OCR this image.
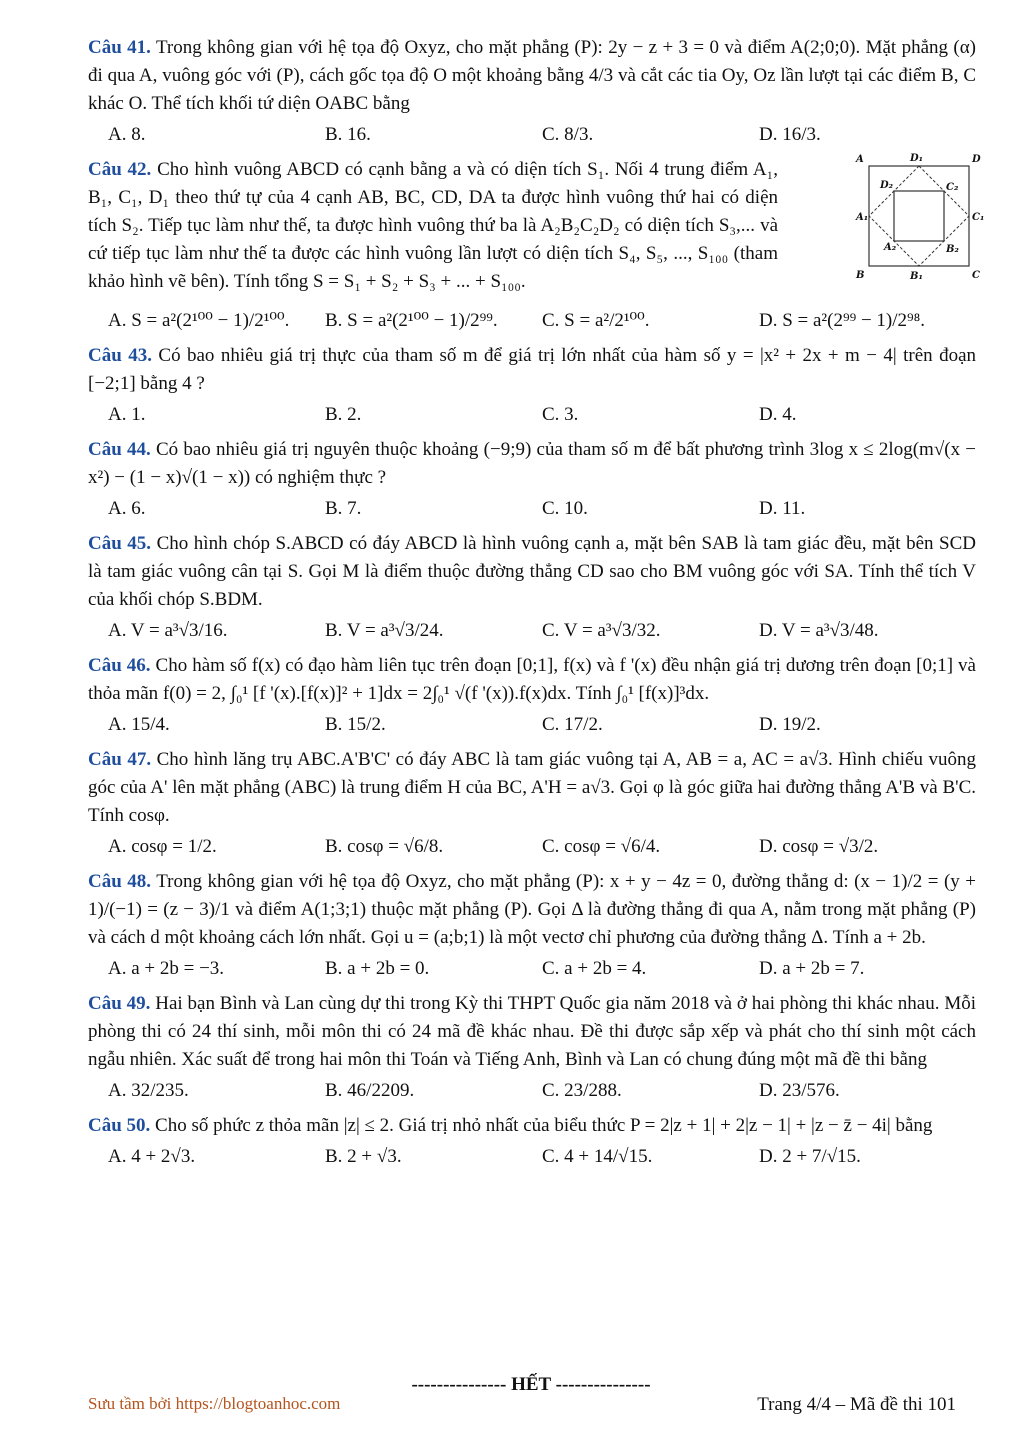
Câu 41. Trong không gian với hệ tọa độ Oxyz, cho mặt phẳng (P): 2y − z + 3 = 0 và điểm A(2;0;0). Mặt phẳng (α) đi qua A, vuông góc với (P), cách gốc tọa độ O một khoảng bằng 4/3 và cắt các tia Oy, Oz lần lượt tại các điểm B, C khác O. Thể tích khối tứ diện OABC bằng

A. 8.	B. 16.	C. 8/3.	D. 16/3.

Câu 42. Cho hình vuông ABCD có cạnh bằng a và có diện tích S₁. Nối 4 trung điểm A₁, B₁, C₁, D₁ theo thứ tự của 4 cạnh AB, BC, CD, DA ta được hình vuông thứ hai có diện tích S₂. Tiếp tục làm như thế, ta được hình vuông thứ ba là A₂B₂C₂D₂ có diện tích S₃,... và cứ tiếp tục làm như thế ta được các hình vuông lần lượt có diện tích S₄, S₅, ..., S₁₀₀ (tham khảo hình vẽ bên). Tính tổng S = S₁ + S₂ + S₃ + ... + S₁₀₀.

A	D₁	D
D₂	C₂
A₁	C₁
A₂	B₂
B	B₁	C
A. S = a²(2¹⁰⁰ − 1)/2¹⁰⁰.	B. S = a²(2¹⁰⁰ − 1)/2⁹⁹.	C. S = a²/2¹⁰⁰.	D. S = a²(2⁹⁹ − 1)/2⁹⁸.

Câu 43. Có bao nhiêu giá trị thực của tham số m để giá trị lớn nhất của hàm số y = |x² + 2x + m − 4| trên đoạn [−2;1] bằng 4 ?

A. 1.	B. 2.	C. 3.	D. 4.

Câu 44. Có bao nhiêu giá trị nguyên thuộc khoảng (−9;9) của tham số m để bất phương trình 3log x ≤ 2log(m√(x − x²) − (1 − x)√(1 − x)) có nghiệm thực ?

A. 6.	B. 7.	C. 10.	D. 11.

Câu 45. Cho hình chóp S.ABCD có đáy ABCD là hình vuông cạnh a, mặt bên SAB là tam giác đều, mặt bên SCD là tam giác vuông cân tại S. Gọi M là điểm thuộc đường thẳng CD sao cho BM vuông góc với SA. Tính thể tích V của khối chóp S.BDM.

A. V = a³√3/16.	B. V = a³√3/24.	C. V = a³√3/32.	D. V = a³√3/48.

Câu 46. Cho hàm số f(x) có đạo hàm liên tục trên đoạn [0;1], f(x) và f '(x) đều nhận giá trị dương trên đoạn [0;1] và thỏa mãn f(0) = 2, ∫₀¹ [f '(x).[f(x)]² + 1]dx = 2∫₀¹ √(f '(x)).f(x)dx. Tính ∫₀¹ [f(x)]³dx.

A. 15/4.	B. 15/2.	C. 17/2.	D. 19/2.

Câu 47. Cho hình lăng trụ ABC.A'B'C' có đáy ABC là tam giác vuông tại A, AB = a, AC = a√3. Hình chiếu vuông góc của A' lên mặt phẳng (ABC) là trung điểm H của BC, A'H = a√3. Gọi φ là góc giữa hai đường thẳng A'B và B'C. Tính cosφ.

A. cosφ = 1/2.	B. cosφ = √6/8.	C. cosφ = √6/4.	D. cosφ = √3/2.

Câu 48. Trong không gian với hệ tọa độ Oxyz, cho mặt phẳng (P): x + y − 4z = 0, đường thẳng d: (x − 1)/2 = (y + 1)/(−1) = (z − 3)/1 và điểm A(1;3;1) thuộc mặt phẳng (P). Gọi Δ là đường thẳng đi qua A, nằm trong mặt phẳng (P) và cách d một khoảng cách lớn nhất. Gọi u = (a;b;1) là một vectơ chỉ phương của đường thẳng Δ. Tính a + 2b.

A. a + 2b = −3.	B. a + 2b = 0.	C. a + 2b = 4.	D. a + 2b = 7.

Câu 49. Hai bạn Bình và Lan cùng dự thi trong Kỳ thi THPT Quốc gia năm 2018 và ở hai phòng thi khác nhau. Mỗi phòng thi có 24 thí sinh, mỗi môn thi có 24 mã đề khác nhau. Đề thi được sắp xếp và phát cho thí sinh một cách ngẫu nhiên. Xác suất để trong hai môn thi Toán và Tiếng Anh, Bình và Lan có chung đúng một mã đề thi bằng

A. 32/235.	B. 46/2209.	C. 23/288.	D. 23/576.

Câu 50. Cho số phức z thỏa mãn |z| ≤ 2. Giá trị nhỏ nhất của biểu thức P = 2|z + 1| + 2|z − 1| + |z − z̄ − 4i| bằng

A. 4 + 2√3.	B. 2 + √3.	C. 4 + 14/√15.	D. 2 + 7/√15.
--------------- HẾT ---------------
Sưu tầm bởi https://blogtoanhoc.com	Trang 4/4 – Mã đề thi 101
